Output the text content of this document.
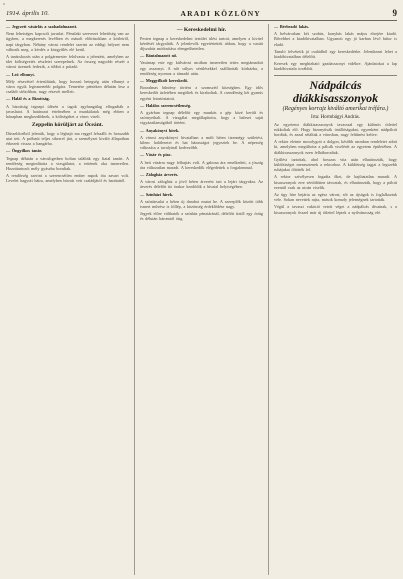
1914. április 10.	ARADI KÖZLÖNY	9

— Jegyzett vásárlás a szabadalmazott.

Nem lehetséges kapcsolt javaslat. Pénzlaki szervezet lehetőség van az ügyben, a megkeresés levélben és másolt előírásokban a körletről, napi tárgyban. Néhány városi rendelet szerint az eddigi helyzet nem változik meg, a kérdés a közgyűlés elé kerül.

A tanácskozás után a polgármester felolvasta a jelentést, amelyben az idei költségvetés részletei szerepelnek. Az összeg nagyobb részét a városi üzemek fedezik, a többit a pótadó.

— Leó elhunyt.

Mély részvéttel értesültünk, hogy hosszú betegség után elhunyt a város egyik legismertebb polgára. Temetése pénteken délután lesz a családi sírboltban, nagy részvét mellett.

— Halál és a Bizottság.

A bizottság tegnapi ülésén a tagok egyhangúlag elfogadták a javaslatot. A határozat értelmében a munkálatok még ebben a hónapban megkezdődnek, a költségeket a város viseli.

Zeppelin körüljárt az Óceánt.

Düsseldorfból jelentik, hogy a léghajó ma reggel felszállt és hosszabb utat tett. A próbaút teljes sikerrel járt, a személyzet kiváló állapotban érkezett vissza a hangárba.

— Öngyilkos tanár.

Tegnap délután a városligetben holtan találták egy fiatal tanárt. A rendőrség megindította a vizsgálatot, a tettének oka ismeretlen. Hozzátartozói mély gyászba borultak.

A rendőrség szerint a szerencsétlen ember napok óta zavart volt. Levelet hagyott hátra, amelyben búcsút vett családjától és barátaitól.

— Kereskedelmi hír.

Pesten tegnap a kereskedelmi testület ülést tartott, amelyen a kivitel kérdését tárgyalták. A jelenlevők egyetértettek abban, hogy a vasúti díjszabás módosítása elengedhetetlen.

— Bántalmazott nő.

Vasárnap este egy külvárosi utcában ismeretlen tettes megtámadott egy asszonyt. A nőt súlyos sérülésekkel szállították kórházba, a rendőrség nyomoz a támadó után.

— Meggyilkolt kereskedő.

Borzalmas bűntény történt a szomszéd községben. Egy idős kereskedőt üzletében megöltek és kiraboltak. A csendőrség két gyanús egyént letartóztatott.

— Halálos szerencsétlenség.

A gyárban tegnap délelőtt egy munkás a gép közé került és szörnyethalt. A vizsgálat megállapította, hogy a baleset saját vigyázatlanságából történt.

— Anyakönyvi hírek.

A városi anyakönyvi hivatalban a múlt héten tizennégy születést, kilenc halálesetet és hat házasságot jegyeztek be. A népesség változása a tavalyinál kedvezőbb.

— Vásár és piac.

A heti vásárra nagy felhajtás volt. A gabona ára emelkedett, a jószág ára változatlan maradt. A kereskedők elégedettek a forgalommal.

— Zálogház árverés.

A városi zálogház a jövő héten árverést tart a lejárt tárgyakra. Az árverés délelőtt tíz órakor kezdődik a hivatal helyiségében.

— Színházi hírek.

A színtársulat a héten új darabot mutat be. A szereplők között több ismert művész is föllép, a közönség érdeklődése nagy.

Jegyek előre válthatók a színház pénztáránál, délelőtt tíztől egy óráig és délután háromtól ötig.

— Bérbeadó lakás.

A belvárosban két szobás, konyhás lakás május elsejére kiadó. Bővebbet a kiadóhivatalban. Ugyanott egy jó karban lévő bútor is eladó.

Tanuló felvétetik jó családból egy kereskedésbe. Jelentkezni lehet a kiadóhivatalban délelőtt.

Keresek egy megbízható gazdasszonyt vidékre. Ajánlatokat a lap kiadóhivatala továbbít.

Nádpálcás diákkisasszonyok
(Regényes korrajz kiváltó amerikai tréfára.)
Irta: Hortobágyi András.

Az egyetemi diákkisasszonyok tavasszal egy különös ötlettel rukkoltak elő. Hogy bizonyítsák önállóságukat, egyenként nádpálcát hordtak, és azzal sétáltak a városban, nagy feltűnést keltve.

A rektor eleinte mosolygott a dolgon, később azonban rendeletet adott ki, amelyben megtiltotta a pálcák viselését az egyetem épületében. A diákkisasszonyok ezen felháborodtak.

Gyűlést tartottak, ahol hosszas vita után elhatározták, hogy küldöttséget menesztenek a rektorhoz. A küldöttség tagjai a legszebb ruhájukat öltötték fel.

A rektor szívélyesen fogadta őket, de hajthatatlan maradt. A kisasszonyok erre sértődötten távoztak, és elhatározták, hogy a pálcát ezentúl csak az utcán viselik.

Az ügy híre bejárta az egész várost, sőt az újságok is foglalkoztak vele. Sokan nevettek rajta, mások komoly jelenségnek tartották.

Végül a tavaszi vakáció vetett véget a nádpálcás divatnak, s a kisasszonyok ősszel már új ötlettel léptek a nyilvánosság elé.
